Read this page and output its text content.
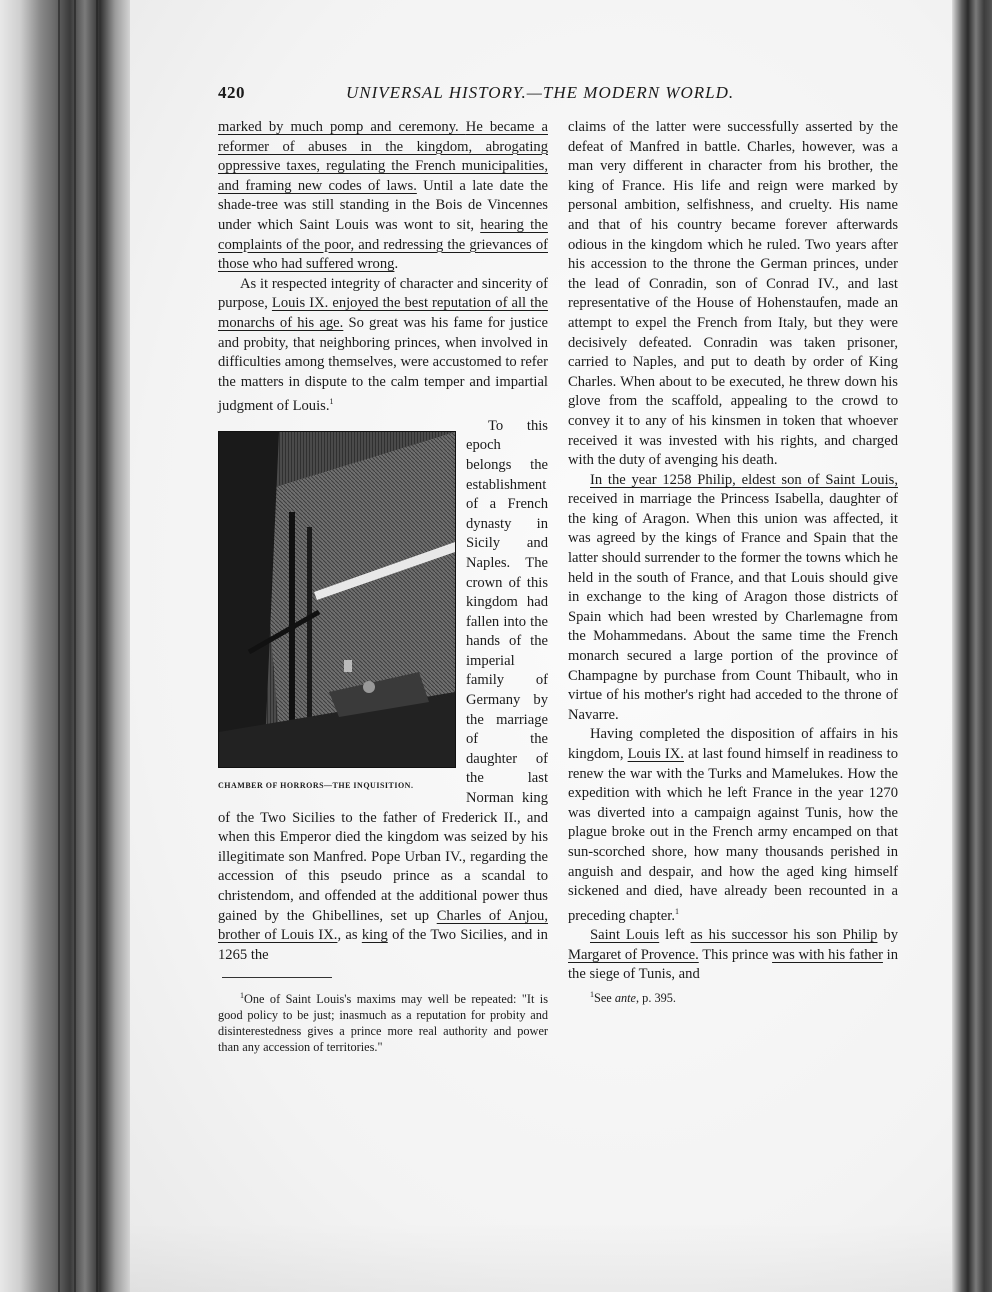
420	UNIVERSAL HISTORY.—THE MODERN WORLD.

marked by much pomp and ceremony. He became a reformer of abuses in the kingdom, abrogating oppressive taxes, regulating the French municipalities, and framing new codes of laws. Until a late date the shade-tree was still standing in the Bois de Vincennes under which Saint Louis was wont to sit, hearing the complaints of the poor, and redressing the grievances of those who had suffered wrong.

As it respected integrity of character and sincerity of purpose, Louis IX. enjoyed the best reputation of all the monarchs of his age. So great was his fame for justice and probity, that neighboring princes, when involved in difficulties among themselves, were accustomed to refer the matters in dispute to the calm temper and impartial judgment of Louis.$^1$

CHAMBER OF HORRORS—THE INQUISITION.

To this epoch belongs the establishment of a French dynasty in Sicily and Naples. The crown of this kingdom had fallen into the hands of the imperial family of Germany by the marriage of the daughter of the last Norman king of the Two Sicilies to the father of Frederick II., and when this Emperor died the kingdom was seized by his illegitimate son Manfred. Pope Urban IV., regarding the accession of this pseudo prince as a scandal to christendom, and offended at the additional power thus gained by the Ghibellines, set up Charles of Anjou, brother of Louis IX., as king of the Two Sicilies, and in 1265 the

$^1$One of Saint Louis's maxims may well be repeated: "It is good policy to be just; inasmuch as a reputation for probity and disinterestedness gives a prince more real authority and power than any accession of territories."

claims of the latter were successfully asserted by the defeat of Manfred in battle. Charles, however, was a man very different in character from his brother, the king of France. His life and reign were marked by personal ambition, selfishness, and cruelty. His name and that of his country became forever afterwards odious in the kingdom which he ruled. Two years after his accession to the throne the German princes, under the lead of Conradin, son of Conrad IV., and last representative of the House of Hohenstaufen, made an attempt to expel the French from Italy, but they were decisively defeated. Conradin was taken prisoner, carried to Naples, and put to death by order of King Charles. When about to be executed, he threw down his glove from the scaffold, appealing to the crowd to convey it to any of his kinsmen in token that whoever received it was invested with his rights, and charged with the duty of avenging his death.

In the year 1258 Philip, eldest son of Saint Louis, received in marriage the Princess Isabella, daughter of the king of Aragon. When this union was affected, it was agreed by the kings of France and Spain that the latter should surrender to the former the towns which he held in the south of France, and that Louis should give in exchange to the king of Aragon those districts of Spain which had been wrested by Charlemagne from the Mohammedans. About the same time the French monarch secured a large portion of the province of Champagne by purchase from Count Thibault, who in virtue of his mother's right had acceded to the throne of Navarre.

Having completed the disposition of affairs in his kingdom, Louis IX. at last found himself in readiness to renew the war with the Turks and Mamelukes. How the expedition with which he left France in the year 1270 was diverted into a campaign against Tunis, how the plague broke out in the French army encamped on that sun-scorched shore, how many thousands perished in anguish and despair, and how the aged king himself sickened and died, have already been recounted in a preceding chapter.$^1$

Saint Louis left as his successor his son Philip by Margaret of Provence. This prince was with his father in the siege of Tunis, and

$^1$See ante, p. 395.
